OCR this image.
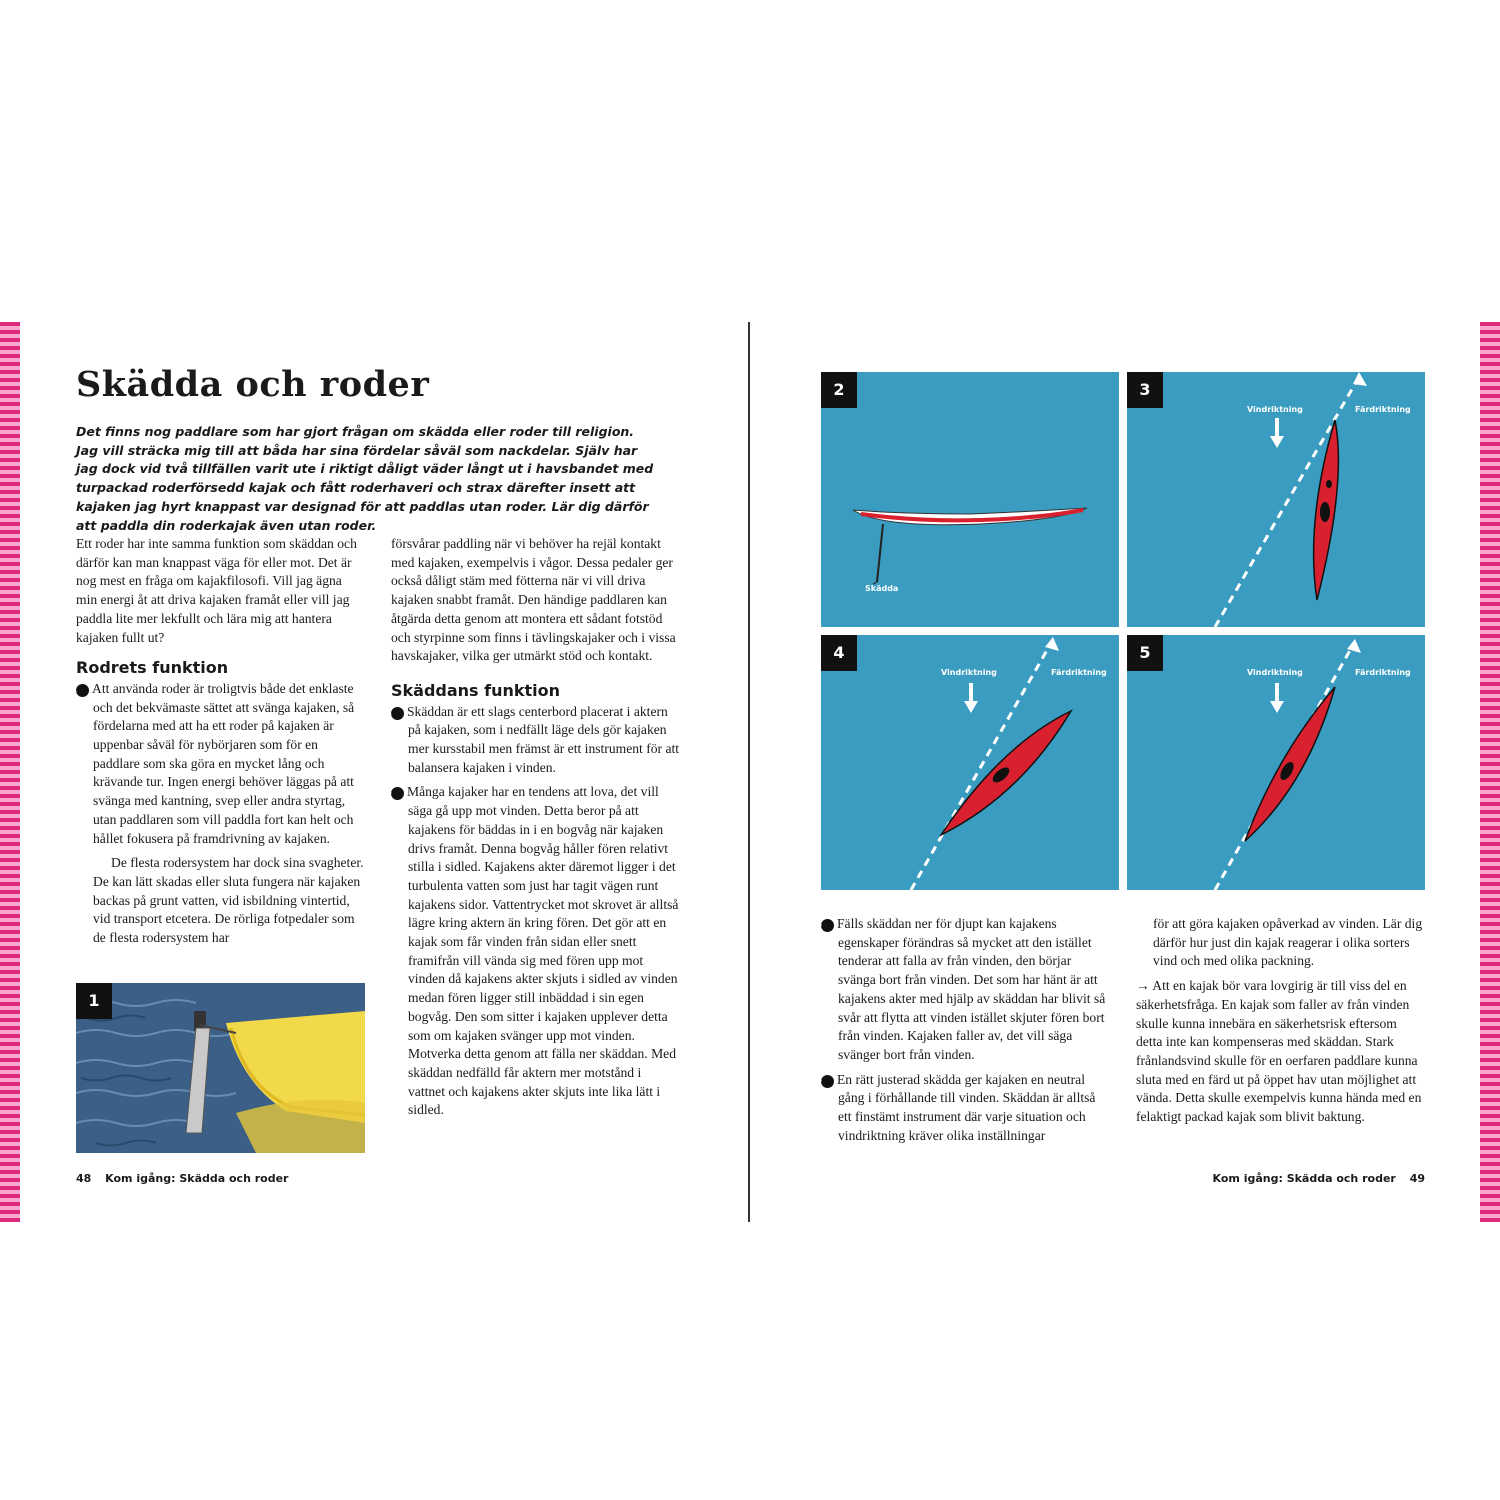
Skädda och roder

Det finns nog paddlare som har gjort frågan om skädda eller roder till religion. Jag vill sträcka mig till att båda har sina fördelar såväl som nackdelar. Själv har jag dock vid två tillfällen varit ute i riktigt dåligt väder långt ut i havsbandet med turpackad roderförsedd kajak och fått roderhaveri och strax därefter insett att kajaken jag hyrt knappast var designad för att paddlas utan roder. Lär dig därför att paddla din roderkajak även utan roder.

Ett roder har inte samma funktion som skäddan och därför kan man knappast väga för eller mot. Det är nog mest en fråga om kajakfilosofi. Vill jag ägna min energi åt att driva kajaken framåt eller vill jag paddla lite mer lekfullt och lära mig att hantera kajaken fullt ut?

Rodrets funktion

1 Att använda roder är troligtvis både det enklaste och det bekvämaste sättet att svänga kajaken, så fördelarna med att ha ett roder på kajaken är uppenbar såväl för nybörjaren som för en paddlare som ska göra en mycket lång och krävande tur. Ingen energi behöver läggas på att svänga med kantning, svep eller andra styrtag, utan paddlaren som vill paddla fort kan helt och hållet fokusera på framdrivning av kajaken.

De flesta rodersystem har dock sina svagheter. De kan lätt skadas eller sluta fungera när kajaken backas på grunt vatten, vid isbildning vintertid, vid transport etcetera. De rörliga fotpedaler som de flesta rodersystem har

1

försvårar paddling när vi behöver ha rejäl kontakt med kajaken, exempelvis i vågor. Dessa pedaler ger också dåligt stäm med fötterna när vi vill driva kajaken snabbt framåt. Den händige paddlaren kan åtgärda detta genom att montera ett sådant fotstöd och styrpinne som finns i tävlingskajaker och i vissa havskajaker, vilka ger utmärkt stöd och kontakt.

Skäddans funktion

2 Skäddan är ett slags centerbord placerat i aktern på kajaken, som i nedfällt läge dels gör kajaken mer kursstabil men främst är ett instrument för att balansera kajaken i vinden.

3 Många kajaker har en tendens att lova, det vill säga gå upp mot vinden. Detta beror på att kajakens för bäddas in i en bogvåg när kajaken drivs framåt. Denna bogvåg håller fören relativt stilla i sidled. Kajakens akter däremot ligger i det turbulenta vatten som just har tagit vägen runt kajakens sidor. Vattentrycket mot skrovet är alltså lägre kring aktern än kring fören. Det gör att en kajak som får vinden från sidan eller snett framifrån vill vända sig med fören upp mot vinden då kajakens akter skjuts i sidled av vinden medan fören ligger still inbäddad i sin egen bogvåg. Den som sitter i kajaken upplever detta som om kajaken svänger upp mot vinden. Motverka detta genom att fälla ner skäddan. Med skäddan nedfälld får aktern mer motstånd i vattnet och kajakens akter skjuts inte lika lätt i sidled.

48 Kom igång: Skädda och roder
Skädda
2
Vindriktning	Färdriktning
3
Vindriktning	Färdriktning
4
Vindriktning	Färdriktning
5

4 Fälls skäddan ner för djupt kan kajakens egenskaper förändras så mycket att den istället tenderar att falla av från vinden, den börjar svänga bort från vinden. Det som har hänt är att kajakens akter med hjälp av skäddan har blivit så svår att flytta att vinden istället skjuter fören bort från vinden. Kajaken faller av, det vill säga svänger bort från vinden.

5 En rätt justerad skädda ger kajaken en neutral gång i förhållande till vinden. Skäddan är alltså ett finstämt instrument där varje situation och vindriktning kräver olika inställningar

för att göra kajaken opåverkad av vinden. Lär dig därför hur just din kajak reagerar i olika sorters vind och med olika packning.

→ Att en kajak bör vara lovgirig är till viss del en säkerhetsfråga. En kajak som faller av från vinden skulle kunna innebära en säkerhetsrisk eftersom detta inte kan kompenseras med skäddan. Stark frånlandsvind skulle för en oerfaren paddlare kunna sluta med en färd ut på öppet hav utan möjlighet att vända. Detta skulle exempelvis kunna hända med en felaktigt packad kajak som blivit baktung.

Kom igång: Skädda och roder 49
